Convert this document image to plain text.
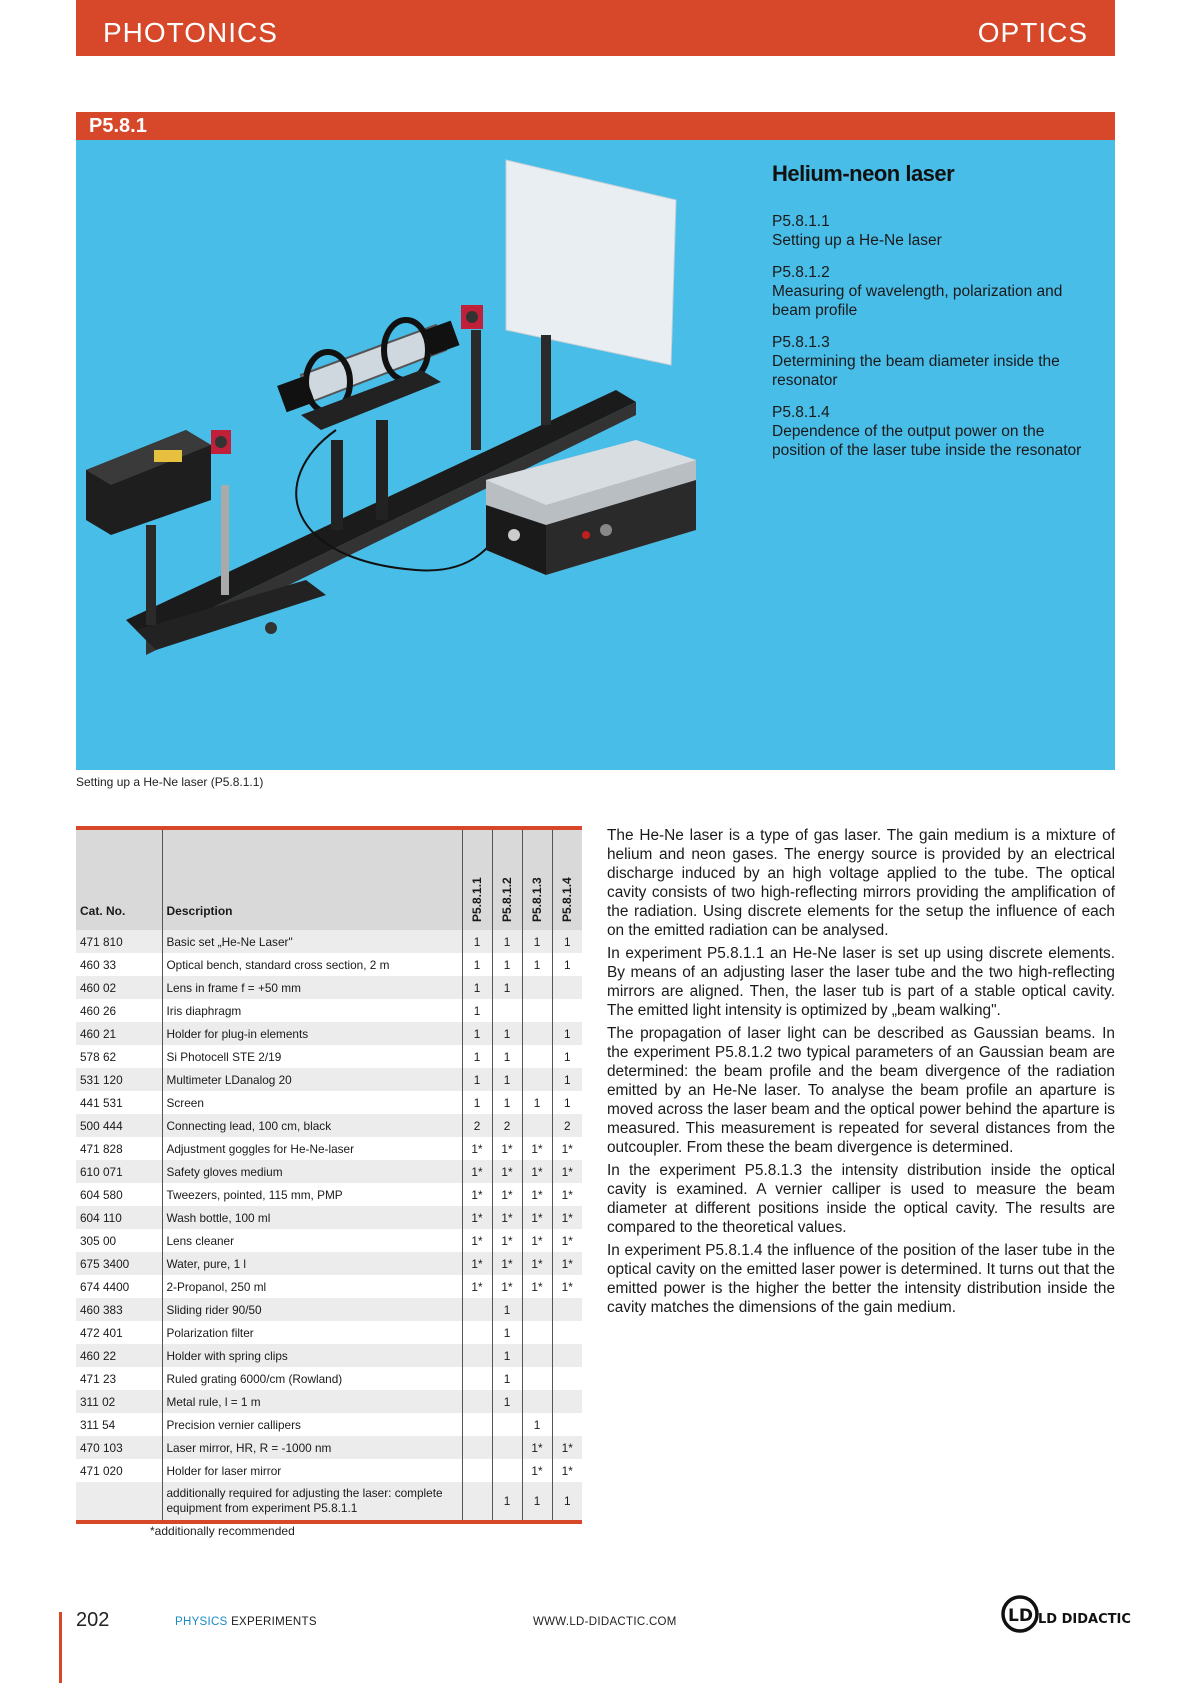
PHOTONICS	OPTICS
P5.8.1
Helium-neon laser
P5.8.1.1
Setting up a He-Ne laser
P5.8.1.2
Measuring of wavelength, polarization and beam profile
P5.8.1.3
Determining the beam diameter inside the resonator
P5.8.1.4
Dependence of the output power on the position of the laser tube inside the resonator
Setting up a He-Ne laser (P5.8.1.1)
Cat. No.	Description	P5.8.1.1	P5.8.1.2	P5.8.1.3	P5.8.1.4

471 810	Basic set „He-Ne Laser"	1	1	1	1
460 33	Optical bench, standard cross section, 2 m	1	1	1	1
460 02	Lens in frame f = +50 mm	1	1		
460 26	Iris diaphragm	1			
460 21	Holder for plug-in elements	1	1		1
578 62	Si Photocell STE 2/19	1	1		1
531 120	Multimeter LDanalog 20	1	1		1
441 531	Screen	1	1	1	1
500 444	Connecting lead, 100 cm, black	2	2		2
471 828	Adjustment goggles for He-Ne-laser	1*	1*	1*	1*
610 071	Safety gloves medium	1*	1*	1*	1*
604 580	Tweezers, pointed, 115 mm, PMP	1*	1*	1*	1*
604 110	Wash bottle, 100 ml	1*	1*	1*	1*
305 00	Lens cleaner	1*	1*	1*	1*
675 3400	Water, pure, 1 l	1*	1*	1*	1*
674 4400	2-Propanol, 250 ml	1*	1*	1*	1*
460 383	Sliding rider 90/50		1		
472 401	Polarization filter		1		
460 22	Holder with spring clips		1		
471 23	Ruled grating 6000/cm (Rowland)		1		
311 02	Metal rule, l = 1 m		1		
311 54	Precision vernier callipers			1	
470 103	Laser mirror, HR, R = -1000 nm			1*	1*
471 020	Holder for laser mirror			1*	1*
	additionally required for adjusting the laser: complete equipment from experiment P5.8.1.1		1	1	1
*additionally recommended

The He-Ne laser is a type of gas laser. The gain medium is a mixture of helium and neon gases. The energy source is provided by an electrical discharge induced by an high voltage applied to the tube. The optical cavity consists of two high-reflecting mirrors providing the amplification of the radiation. Using discrete elements for the setup the influence of each on the emitted radiation can be analysed.

In experiment P5.8.1.1 an He-Ne laser is set up using discrete elements. By means of an adjusting laser the laser tube and the two high-reflecting mirrors are aligned. Then, the laser tub is part of a stable optical cavity. The emitted light intensity is optimized by „beam walking".

The propagation of laser light can be described as Gaussian beams. In the experiment P5.8.1.2 two typical parameters of an Gaussian beam are determined: the beam profile and the beam divergence of the radiation emitted by an He-Ne laser. To analyse the beam profile an aparture is moved across the laser beam and the optical power behind the aparture is measured. This measurement is repeated for several distances from the outcoupler. From these the beam divergence is determined.

In the experiment P5.8.1.3 the intensity distribution inside the optical cavity is examined. A vernier calliper is used to measure the beam diameter at different positions inside the optical cavity. The results are compared to the theoretical values.

In experiment P5.8.1.4 the influence of the position of the laser tube in the optical cavity on the emitted laser power is determined. It turns out that the emitted power is the higher the better the intensity distribution inside the cavity matches the dimensions of the gain medium.

202	PHYSICS EXPERIMENTS	WWW.LD-DIDACTIC.COM	LD LD DIDACTIC
